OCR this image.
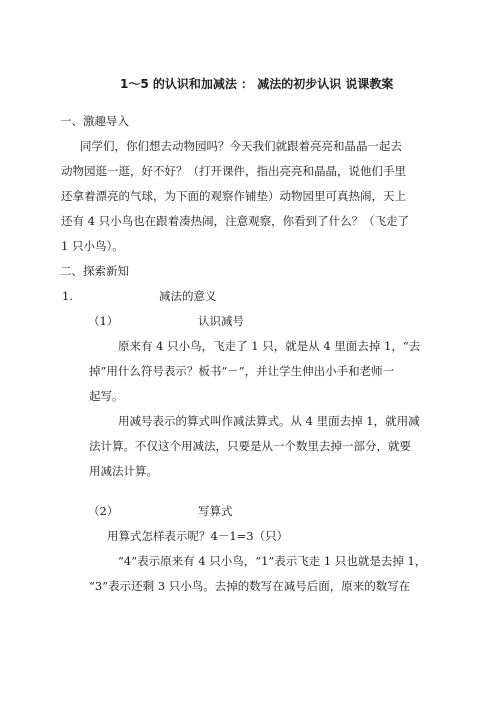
1～5 的认识和加减法 ： 减法的初步认识 说课教案
一、激趣导入
同学们，你们想去动物园吗？今天我们就跟着亮亮和晶晶一起去
动物园逛一逛，好不好？（打开课件，指出亮亮和晶晶，说他们手里
还拿着漂亮的气球，为下面的观察作铺垫）动物园里可真热闹，天上
还有 4 只小鸟也在跟着凑热闹，注意观察，你看到了什么？（飞走了
1 只小鸟）。
二、探索新知
1.	减法的意义
（1）	认识减号
原来有 4 只小鸟，飞走了 1 只，就是从 4 里面去掉 1，“去
掉”用什么符号表示？板书“－”，并让学生伸出小手和老师一
起写。
用减号表示的算式叫作减法算式。从 4 里面去掉 1，就用减
法计算。不仅这个用减法，只要是从一个数里去掉一部分，就要
用减法计算。
（2）	写算式
用算式怎样表示呢？4－1=3（只）
“4”表示原来有 4 只小鸟，“1”表示飞走 1 只也就是去掉 1，
“3”表示还剩 3 只小鸟。去掉的数写在减号后面，原来的数写在
